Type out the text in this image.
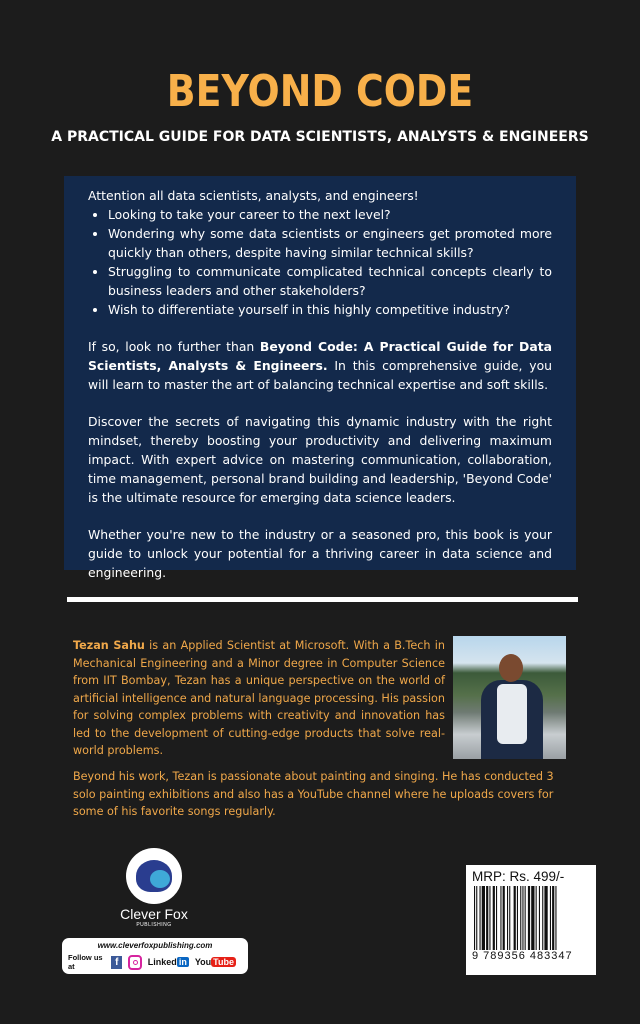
BEYOND CODE
A PRACTICAL GUIDE FOR DATA SCIENTISTS, ANALYSTS & ENGINEERS

Attention all data scientists, analysts, and engineers!

• Looking to take your career to the next level?
• Wondering why some data scientists or engineers get promoted more quickly than others, despite having similar technical skills?
• Struggling to communicate complicated technical concepts clearly to business leaders and other stakeholders?
• Wish to differentiate yourself in this highly competitive industry?

If so, look no further than Beyond Code: A Practical Guide for Data Scientists, Analysts & Engineers. In this comprehensive guide, you will learn to master the art of balancing technical expertise and soft skills.

Discover the secrets of navigating this dynamic industry with the right mindset, thereby boosting your productivity and delivering maximum impact. With expert advice on mastering communication, collaboration, time management, personal brand building and leadership, 'Beyond Code' is the ultimate resource for emerging data science leaders.

Whether you're new to the industry or a seasoned pro, this book is your guide to unlock your potential for a thriving career in data science and engineering.

Tezan Sahu is an Applied Scientist at Microsoft. With a B.Tech in Mechanical Engineering and a Minor degree in Computer Science from IIT Bombay, Tezan has a unique perspective on the world of artificial intelligence and natural language processing. His passion for solving complex problems with creativity and innovation has led to the development of cutting-edge products that solve real-world problems.
Beyond his work, Tezan is passionate about painting and singing. He has conducted 3 solo painting exhibitions and also has a YouTube channel where he uploads covers for some of his favorite songs regularly.
Clever Fox
PUBLISHING
www.cleverfoxpublishing.com
Follow us at	f	Linked in You Tube
MRP: Rs. 499/-
9 789356 483347
